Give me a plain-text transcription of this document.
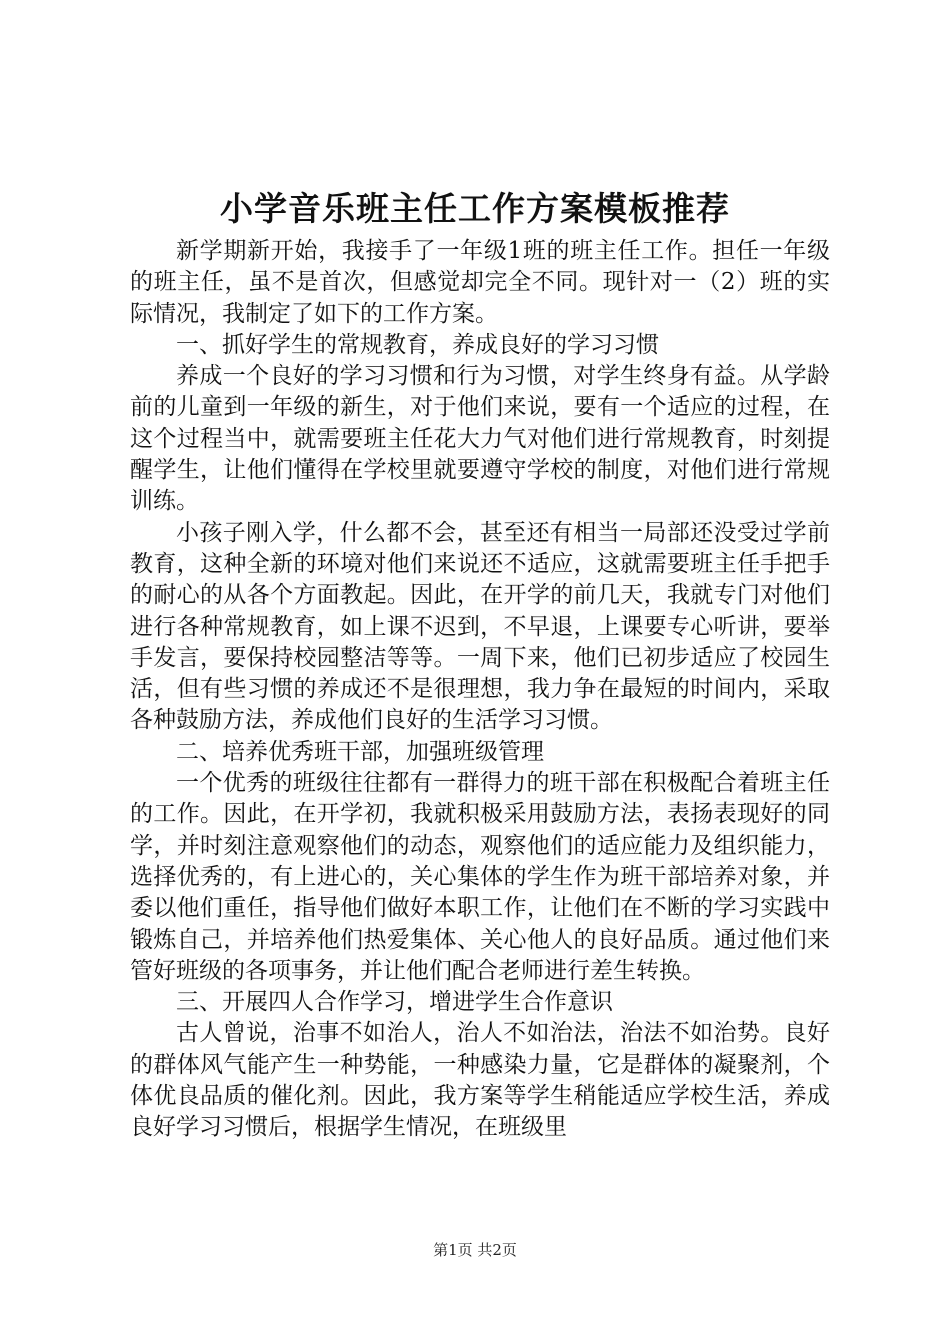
小学音乐班主任工作方案模板推荐

新学期新开始，我接手了一年级1班的班主任工作。担任一年级的班主任，虽不是首次，但感觉却完全不同。现针对一（2）班的实际情况，我制定了如下的工作方案。

一、抓好学生的常规教育，养成良好的学习习惯

养成一个良好的学习习惯和行为习惯，对学生终身有益。从学龄前的儿童到一年级的新生，对于他们来说，要有一个适应的过程，在这个过程当中，就需要班主任花大力气对他们进行常规教育，时刻提醒学生，让他们懂得在学校里就要遵守学校的制度，对他们进行常规训练。

小孩子刚入学，什么都不会，甚至还有相当一局部还没受过学前教育，这种全新的环境对他们来说还不适应，这就需要班主任手把手的耐心的从各个方面教起。因此，在开学的前几天，我就专门对他们进行各种常规教育，如上课不迟到，不早退，上课要专心听讲，要举手发言，要保持校园整洁等等。一周下来，他们已初步适应了校园生活，但有些习惯的养成还不是很理想，我力争在最短的时间内，采取各种鼓励方法，养成他们良好的生活学习习惯。

二、培养优秀班干部，加强班级管理

一个优秀的班级往往都有一群得力的班干部在积极配合着班主任的工作。因此，在开学初，我就积极采用鼓励方法，表扬表现好的同学，并时刻注意观察他们的动态，观察他们的适应能力及组织能力，选择优秀的，有上进心的，关心集体的学生作为班干部培养对象，并委以他们重任，指导他们做好本职工作，让他们在不断的学习实践中锻炼自己，并培养他们热爱集体、关心他人的良好品质。通过他们来管好班级的各项事务，并让他们配合老师进行差生转换。

三、开展四人合作学习，增进学生合作意识

古人曾说，治事不如治人，治人不如治法，治法不如治势。良好的群体风气能产生一种势能，一种感染力量，它是群体的凝聚剂，个体优良品质的催化剂。因此，我方案等学生稍能适应学校生活，养成良好学习习惯后，根据学生情况，在班级里

第1页 共2页
